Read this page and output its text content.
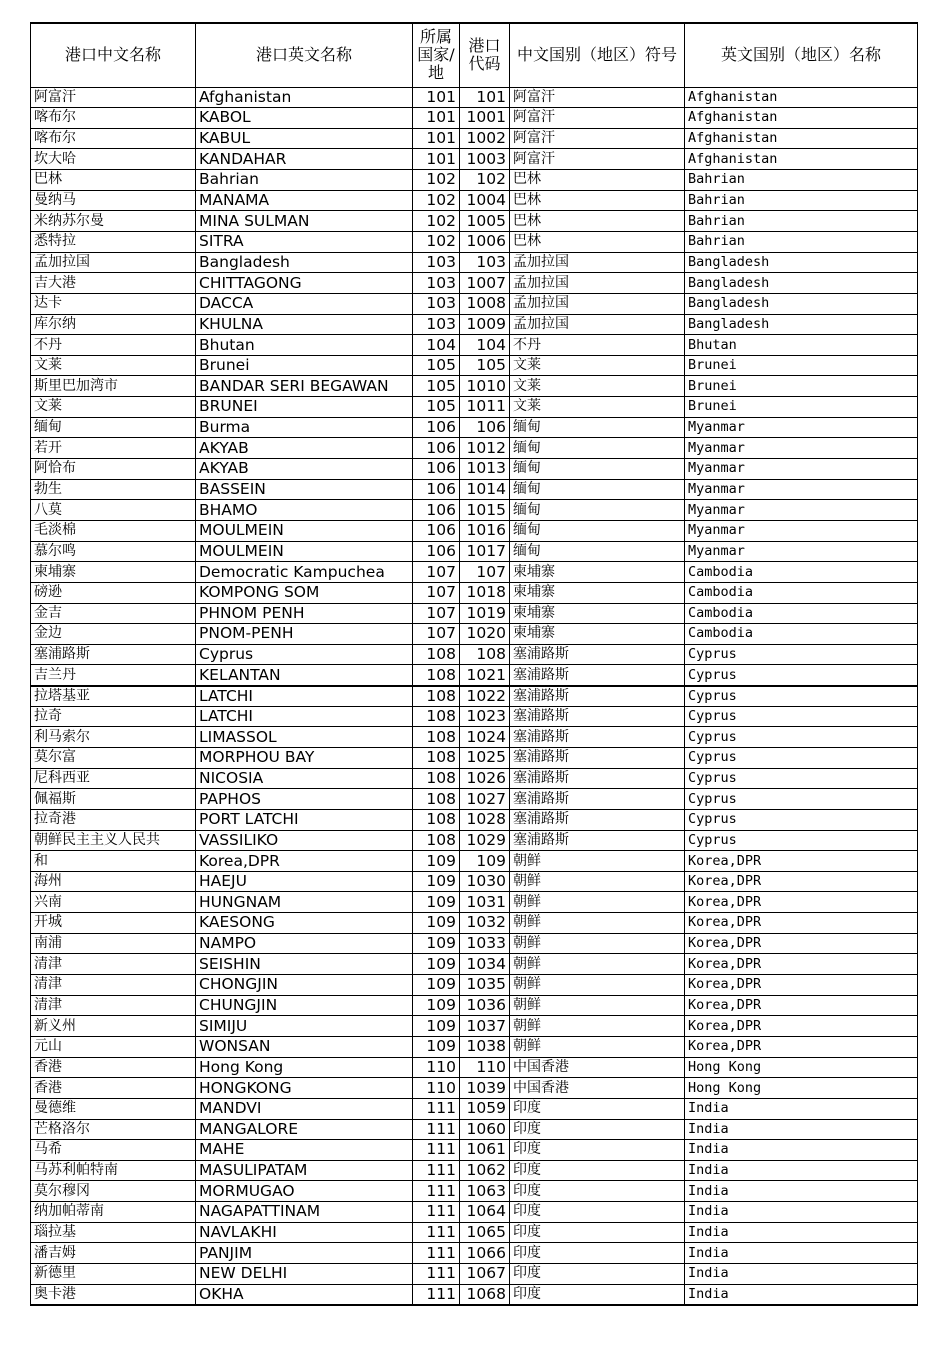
港口中文名称	港口英文名称	所属国家/地	港口代码	中文国别（地区）符号	英文国别（地区）名称
阿富汗	Afghanistan	101	101	阿富汗	Afghanistan
喀布尔	KABOL	101	1001	阿富汗	Afghanistan
喀布尔	KABUL	101	1002	阿富汗	Afghanistan
坎大哈	KANDAHAR	101	1003	阿富汗	Afghanistan
巴林	Bahrian	102	102	巴林	Bahrian
曼纳马	MANAMA	102	1004	巴林	Bahrian
米纳苏尔曼	MINA SULMAN	102	1005	巴林	Bahrian
悉特拉	SITRA	102	1006	巴林	Bahrian
孟加拉国	Bangladesh	103	103	孟加拉国	Bangladesh
吉大港	CHITTAGONG	103	1007	孟加拉国	Bangladesh
达卡	DACCA	103	1008	孟加拉国	Bangladesh
库尔纳	KHULNA	103	1009	孟加拉国	Bangladesh
不丹	Bhutan	104	104	不丹	Bhutan
文莱	Brunei	105	105	文莱	Brunei
斯里巴加湾市	BANDAR SERI BEGAWAN	105	1010	文莱	Brunei
文莱	BRUNEI	105	1011	文莱	Brunei
缅甸	Burma	106	106	缅甸	Myanmar
若开	AKYAB	106	1012	缅甸	Myanmar
阿恰布	AKYAB	106	1013	缅甸	Myanmar
勃生	BASSEIN	106	1014	缅甸	Myanmar
八莫	BHAMO	106	1015	缅甸	Myanmar
毛淡棉	MOULMEIN	106	1016	缅甸	Myanmar
慕尔鸣	MOULMEIN	106	1017	缅甸	Myanmar
柬埔寨	Democratic Kampuchea	107	107	柬埔寨	Cambodia
磅逊	KOMPONG SOM	107	1018	柬埔寨	Cambodia
金吉	PHNOM PENH	107	1019	柬埔寨	Cambodia
金边	PNOM-PENH	107	1020	柬埔寨	Cambodia
塞浦路斯	Cyprus	108	108	塞浦路斯	Cyprus
吉兰丹	KELANTAN	108	1021	塞浦路斯	Cyprus
拉塔基亚	LATCHI	108	1022	塞浦路斯	Cyprus
拉奇	LATCHI	108	1023	塞浦路斯	Cyprus
利马索尔	LIMASSOL	108	1024	塞浦路斯	Cyprus
莫尔富	MORPHOU BAY	108	1025	塞浦路斯	Cyprus
尼科西亚	NICOSIA	108	1026	塞浦路斯	Cyprus
佩福斯	PAPHOS	108	1027	塞浦路斯	Cyprus
拉奇港	PORT LATCHI	108	1028	塞浦路斯	Cyprus
朝鲜民主主义人民共	VASSILIKO	108	1029	塞浦路斯	Cyprus
和	Korea,DPR	109	109	朝鲜	Korea,DPR
海州	HAEJU	109	1030	朝鲜	Korea,DPR
兴南	HUNGNAM	109	1031	朝鲜	Korea,DPR
开城	KAESONG	109	1032	朝鲜	Korea,DPR
南浦	NAMPO	109	1033	朝鲜	Korea,DPR
清津	SEISHIN	109	1034	朝鲜	Korea,DPR
清津	CHONGJIN	109	1035	朝鲜	Korea,DPR
清津	CHUNGJIN	109	1036	朝鲜	Korea,DPR
新义州	SIMIJU	109	1037	朝鲜	Korea,DPR
元山	WONSAN	109	1038	朝鲜	Korea,DPR
香港	Hong Kong	110	110	中国香港	Hong Kong
香港	HONGKONG	110	1039	中国香港	Hong Kong
曼德维	MANDVI	111	1059	印度	India
芒格洛尔	MANGALORE	111	1060	印度	India
马希	MAHE	111	1061	印度	India
马苏利帕特南	MASULIPATAM	111	1062	印度	India
莫尔穆冈	MORMUGAO	111	1063	印度	India
纳加帕蒂南	NAGAPATTINAM	111	1064	印度	India
瑙拉基	NAVLAKHI	111	1065	印度	India
潘吉姆	PANJIM	111	1066	印度	India
新德里	NEW DELHI	111	1067	印度	India
奥卡港	OKHA	111	1068	印度	India
